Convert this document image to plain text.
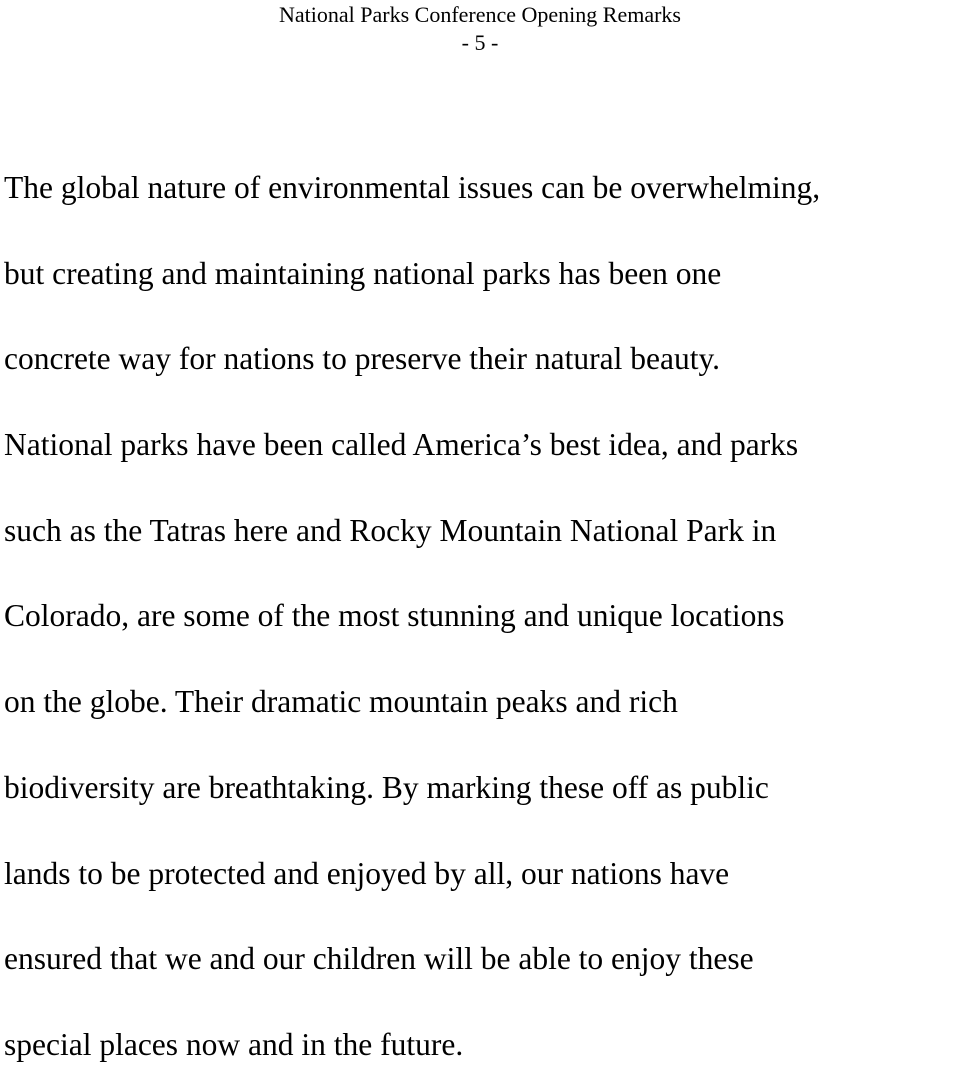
National Parks Conference Opening Remarks
- 5 -
The global nature of environmental issues can be overwhelming,
but creating and maintaining national parks has been one
concrete way for nations to preserve their natural beauty.
National parks have been called America’s best idea, and parks
such as the Tatras here and Rocky Mountain National Park in
Colorado, are some of the most stunning and unique locations
on the globe. Their dramatic mountain peaks and rich
biodiversity are breathtaking. By marking these off as public
lands to be protected and enjoyed by all, our nations have
ensured that we and our children will be able to enjoy these
special places now and in the future.
